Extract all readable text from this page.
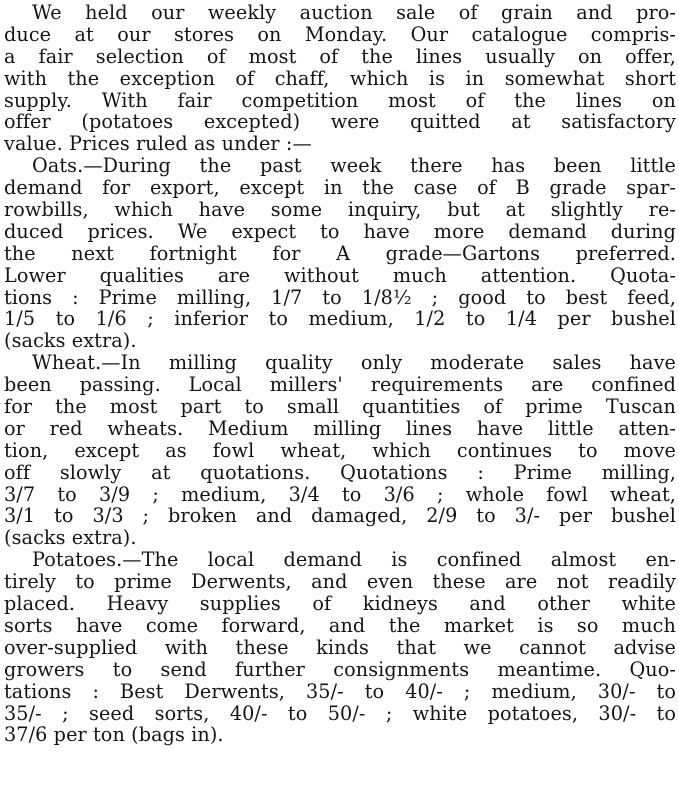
We held our weekly auction sale of grain and pro-
duce at our stores on Monday. Our catalogue compris-
a fair selection of most of the lines usually on offer,
with the exception of chaff, which is in somewhat short
supply. With fair competition most of the lines on
offer (potatoes excepted) were quitted at satisfactory
value. Prices ruled as under :—
Oats.—During the past week there has been little
demand for export, except in the case of B grade spar-
rowbills, which have some inquiry, but at slightly re-
duced prices. We expect to have more demand during
the next fortnight for A grade—Gartons preferred.
Lower qualities are without much attention. Quota-
tions : Prime milling, 1/7 to 1/8½ ; good to best feed,
1/5 to 1/6 ; inferior to medium, 1/2 to 1/4 per bushel
(sacks extra).
Wheat.—In milling quality only moderate sales have
been passing. Local millers' requirements are confined
for the most part to small quantities of prime Tuscan
or red wheats. Medium milling lines have little atten-
tion, except as fowl wheat, which continues to move
off slowly at quotations. Quotations : Prime milling,
3/7 to 3/9 ; medium, 3/4 to 3/6 ; whole fowl wheat,
3/1 to 3/3 ; broken and damaged, 2/9 to 3/- per bushel
(sacks extra).
Potatoes.—The local demand is confined almost en-
tirely to prime Derwents, and even these are not readily
placed. Heavy supplies of kidneys and other white
sorts have come forward, and the market is so much
over-supplied with these kinds that we cannot advise
growers to send further consignments meantime. Quo-
tations : Best Derwents, 35/- to 40/- ; medium, 30/- to
35/- ; seed sorts, 40/- to 50/- ; white potatoes, 30/- to
37/6 per ton (bags in).
